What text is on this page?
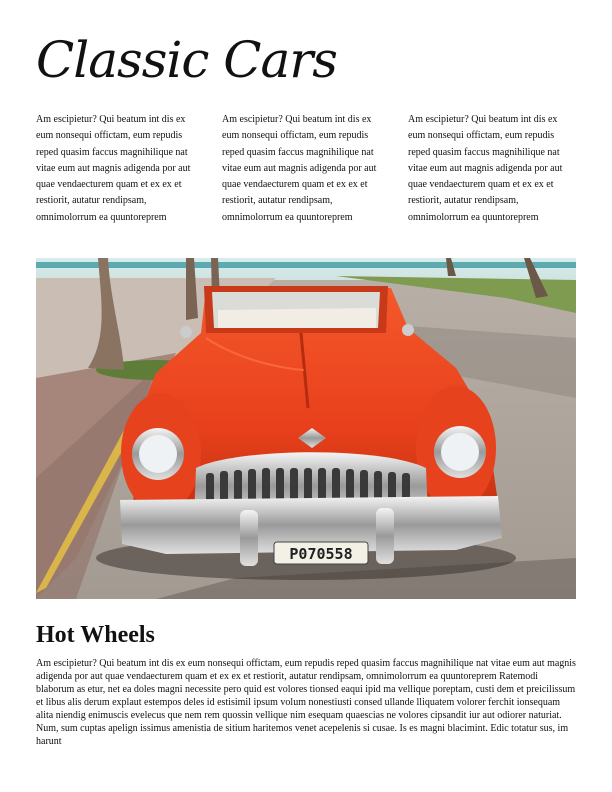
Classic Cars
Am escipietur? Qui beatum int dis ex eum nonsequi offictam, eum repudis reped quasim faccus magnihilique nat vitae eum aut magnis adigenda por aut quae vendaecturem quam et ex ex et restiorit, autatur rendipsam, omnimolorrum ea quuntoreprem
Am escipietur? Qui beatum int dis ex eum nonsequi offictam, eum repudis reped quasim faccus magnihilique nat vitae eum aut magnis adigenda por aut quae vendaecturem quam et ex ex et restiorit, autatur rendipsam, omnimolorrum ea quuntoreprem
Am escipietur? Qui beatum int dis ex eum nonsequi offictam, eum repudis reped quasim faccus magnihilique nat vitae eum aut magnis adigenda por aut quae vendaecturem quam et ex ex et restiorit, autatur rendipsam, omnimolorrum ea quuntoreprem
P070558
Hot Wheels
Am escipietur? Qui beatum int dis ex eum nonsequi offictam, eum repudis reped quasim faccus magnihilique nat vitae eum aut magnis adigenda por aut quae vendaecturem quam et ex ex et restiorit, autatur rendipsam, omnimolorrum ea quuntoreprem Ratemodi blaborum as etur, net ea doles magni necessite pero quid est volores tionsed eaqui ipid ma vellique poreptam, custi dem et preicilissum et libus alis derum explaut estempos deles id estisimil ipsum volum nonestiusti consed ullande lliquatem volorer ferchit ionsequam alita niendig enimuscis evelecus que nem rem quossin vellique nim esequam quaescias ne volores cipsandit iur aut odiorer naturiat. Num, sum cuptas apelign issimus amenistia de sitium haritemos venet acepelenis si cusae. Is es magni blacimint. Edic totatur sus, im harunt
